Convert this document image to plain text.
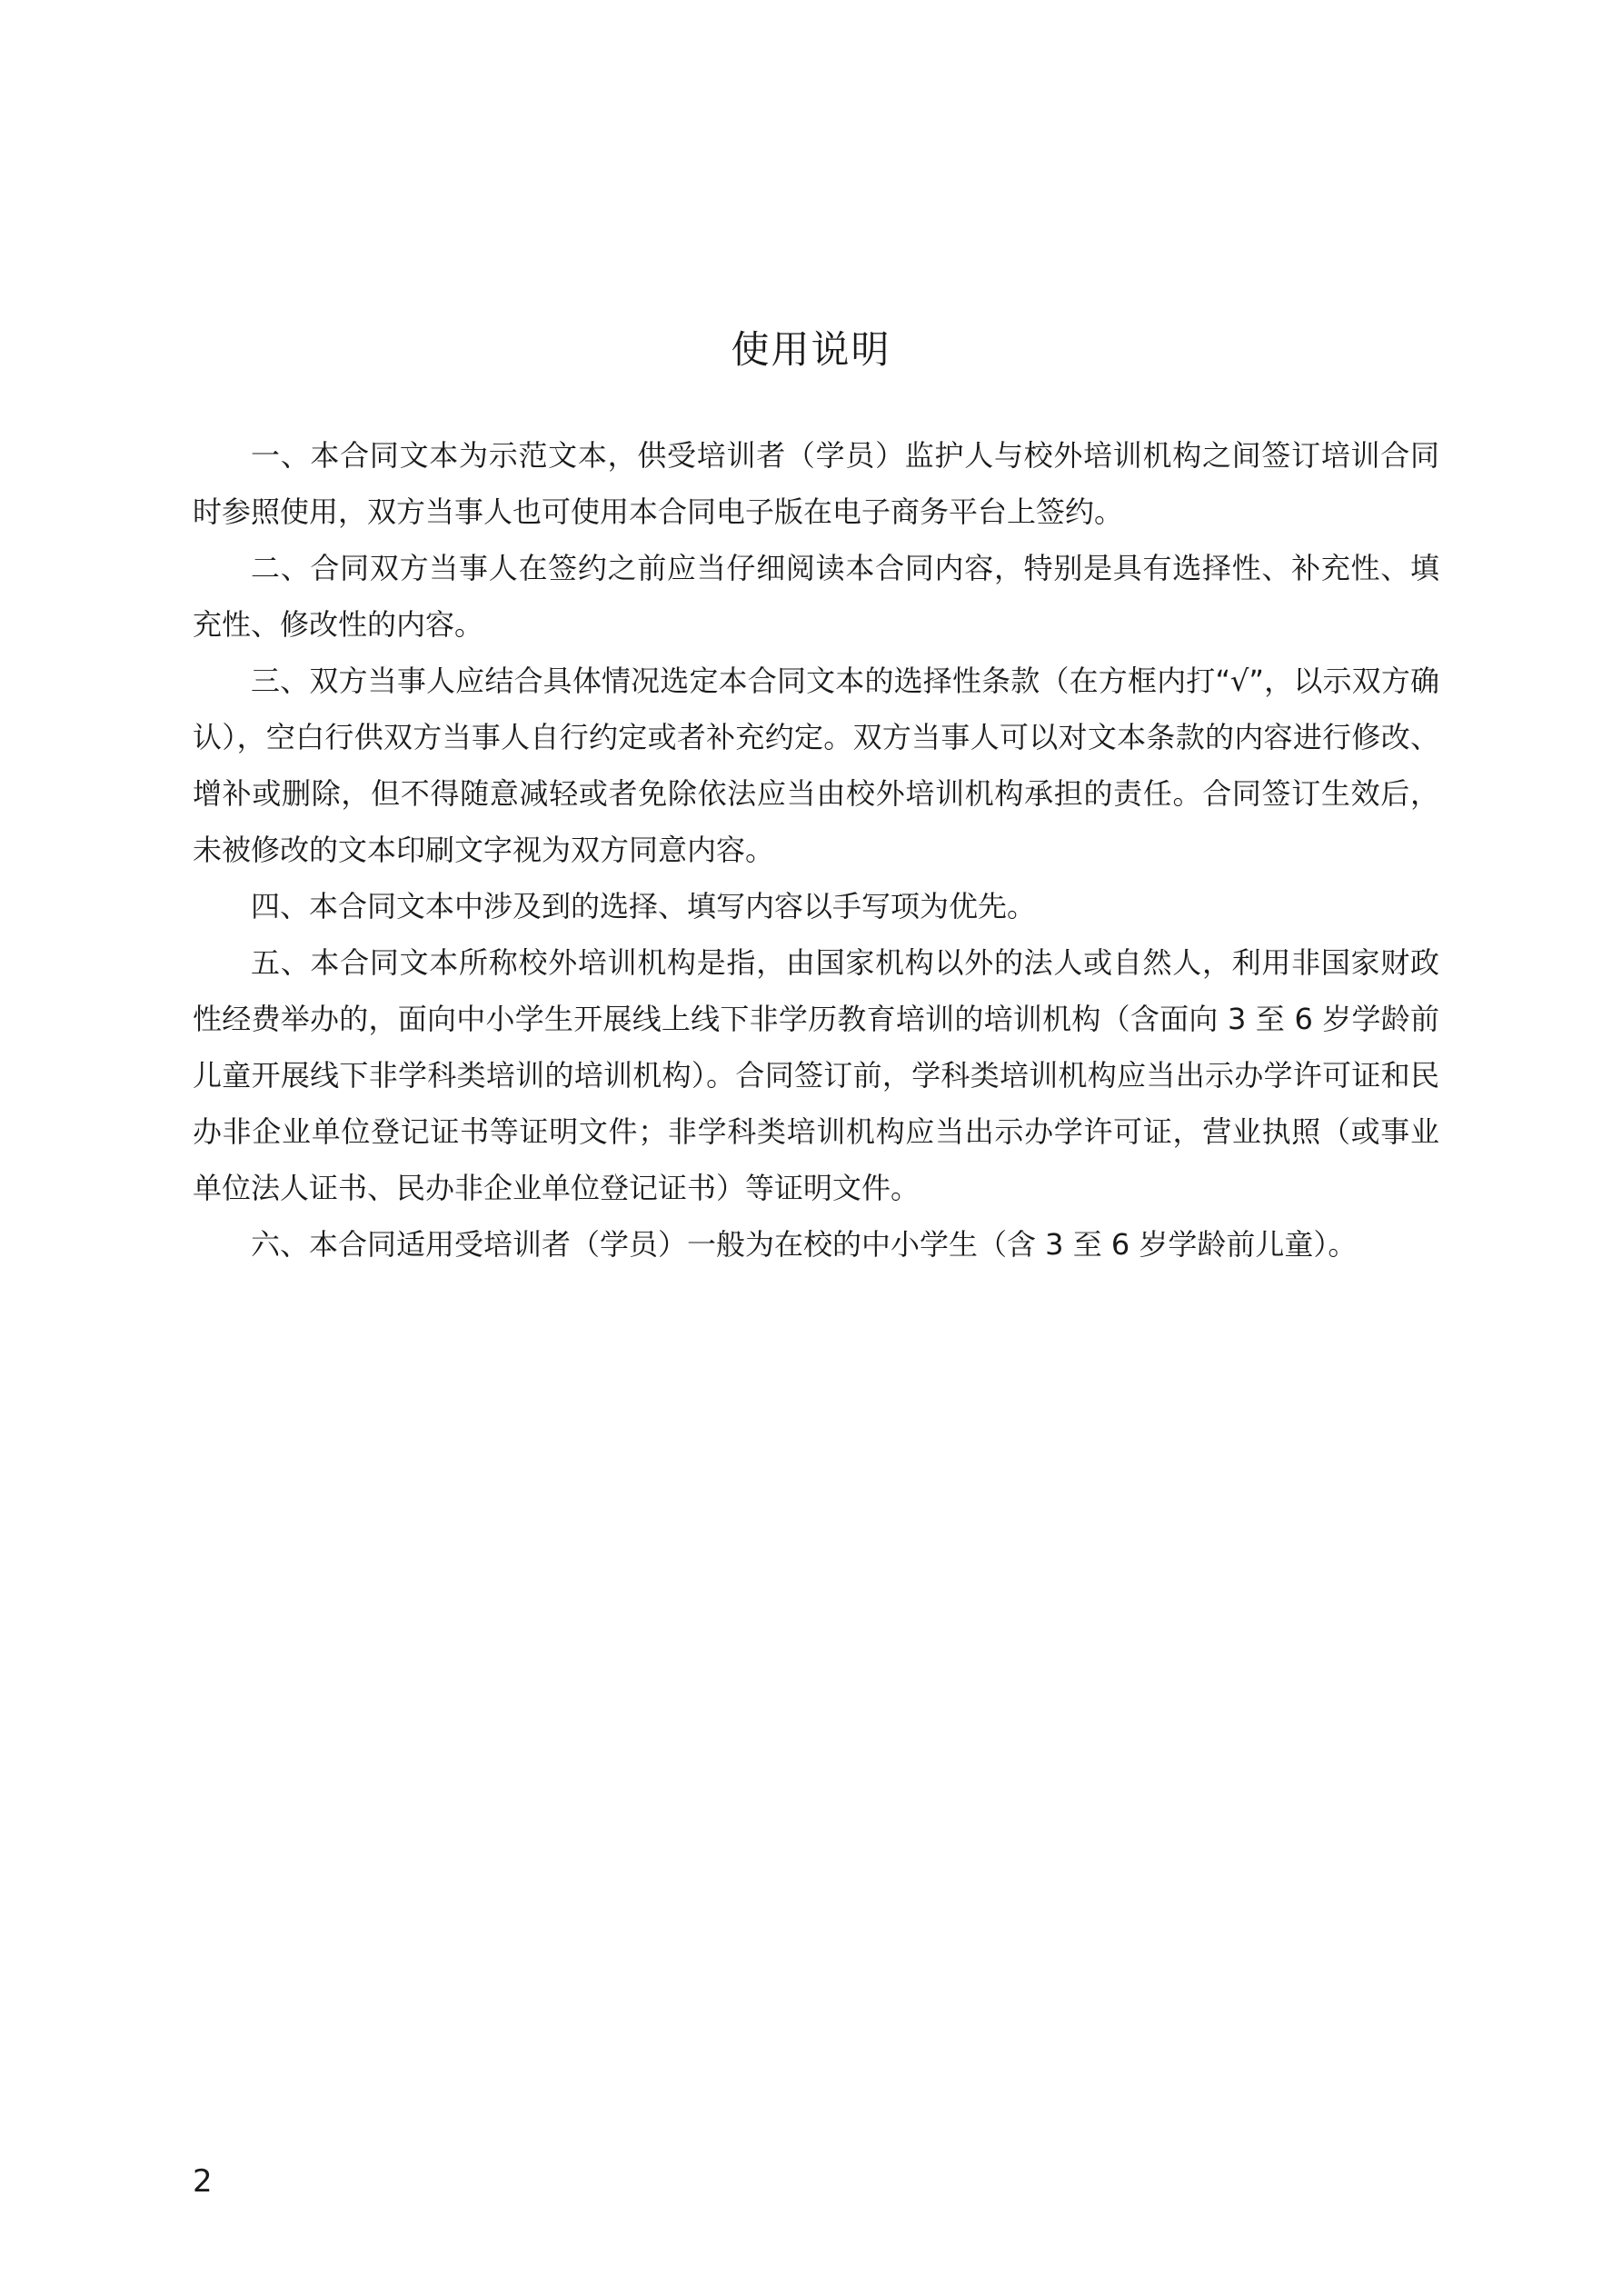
使用说明

一、本合同文本为示范文本，供受培训者（学员）监护人与校外培训机构之间签订培训合同时参照使用，双方当事人也可使用本合同电子版在电子商务平台上签约。

二、合同双方当事人在签约之前应当仔细阅读本合同内容，特别是具有选择性、补充性、填充性、修改性的内容。

三、双方当事人应结合具体情况选定本合同文本的选择性条款（在方框内打“√”，以示双方确认），空白行供双方当事人自行约定或者补充约定。双方当事人可以对文本条款的内容进行修改、增补或删除，但不得随意减轻或者免除依法应当由校外培训机构承担的责任。合同签订生效后，未被修改的文本印刷文字视为双方同意内容。

四、本合同文本中涉及到的选择、填写内容以手写项为优先。

五、本合同文本所称校外培训机构是指，由国家机构以外的法人或自然人，利用非国家财政性经费举办的，面向中小学生开展线上线下非学历教育培训的培训机构（含面向 3 至 6 岁学龄前儿童开展线下非学科类培训的培训机构）。合同签订前，学科类培训机构应当出示办学许可证和民办非企业单位登记证书等证明文件；非学科类培训机构应当出示办学许可证，营业执照（或事业单位法人证书、民办非企业单位登记证书）等证明文件。

六、本合同适用受培训者（学员）一般为在校的中小学生（含 3 至 6 岁学龄前儿童）。

2
